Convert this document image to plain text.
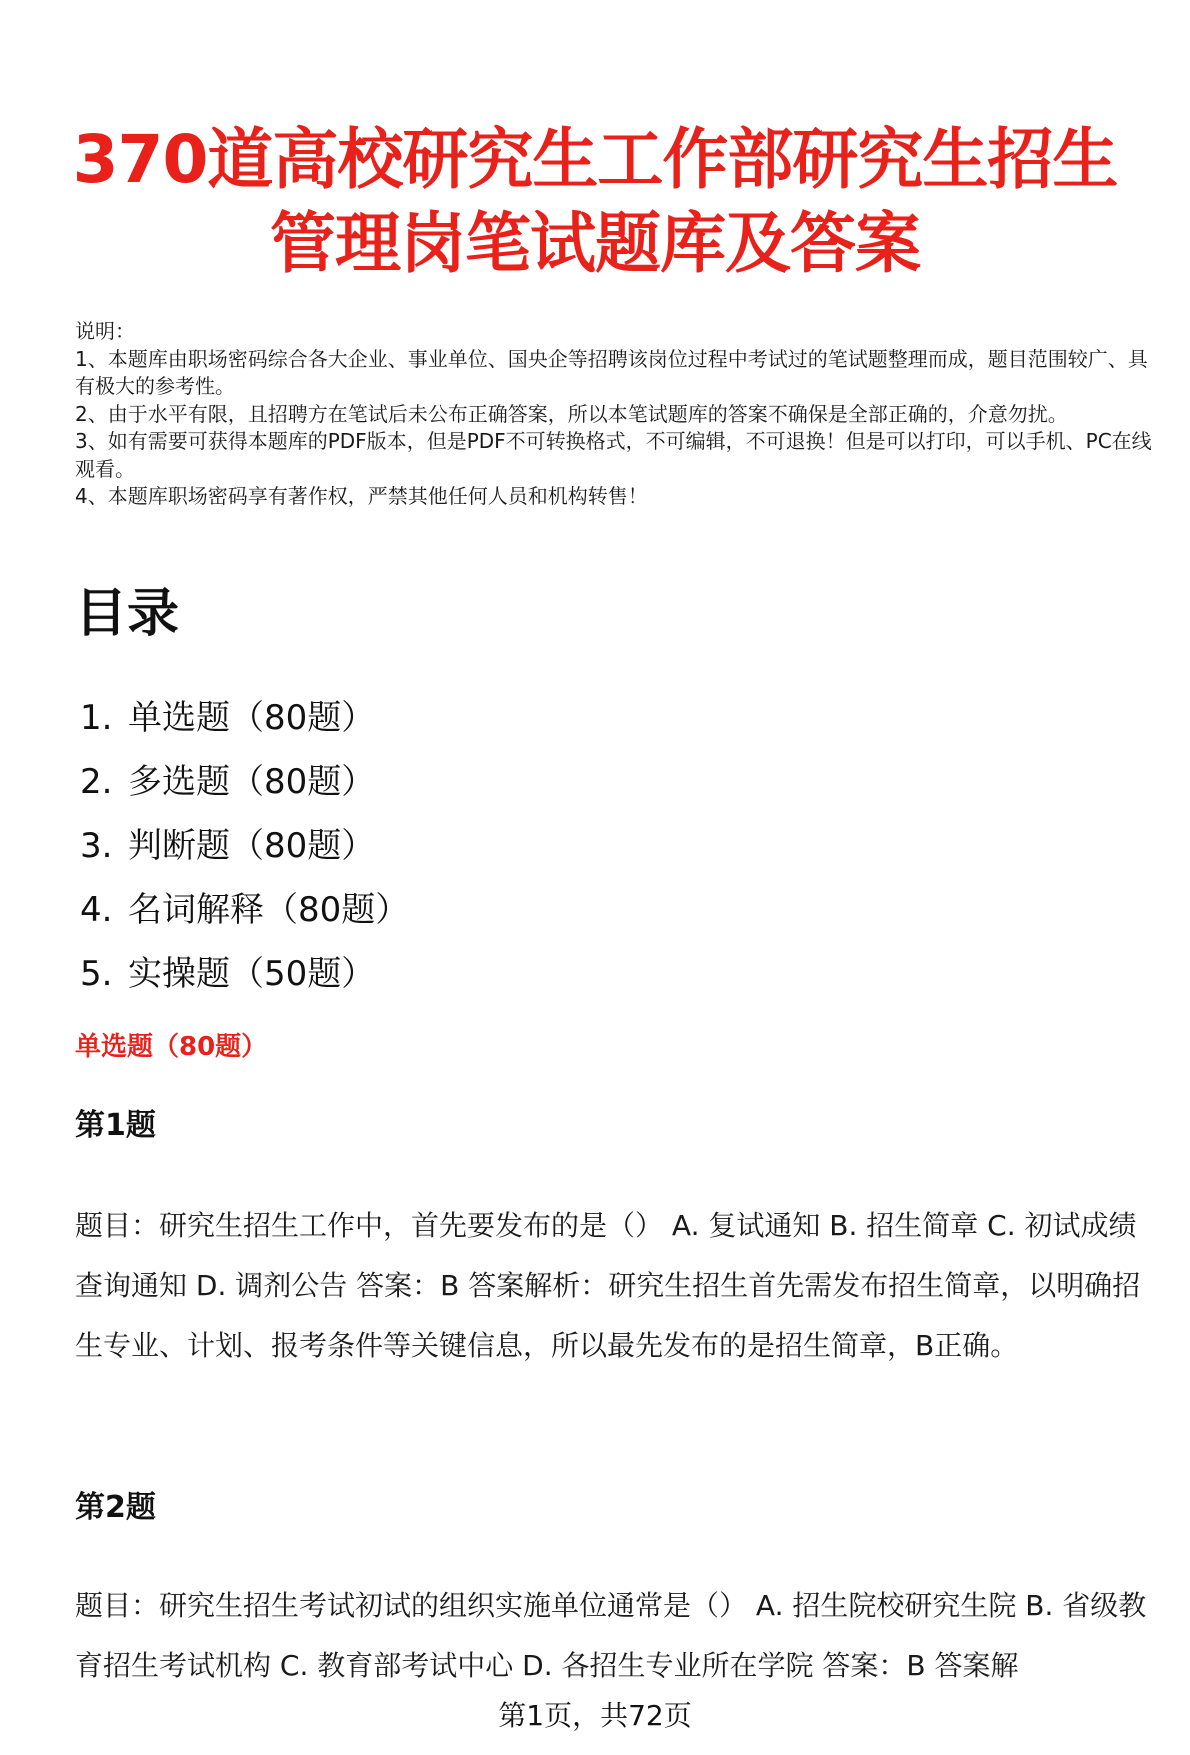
370道高校研究生工作部研究生招生
管理岗笔试题库及答案

说明：

1、本题库由职场密码综合各大企业、事业单位、国央企等招聘该岗位过程中考试过的笔试题整理而成，题目范围较广、具有极大的参考性。

2、由于水平有限，且招聘方在笔试后未公布正确答案，所以本笔试题库的答案不确保是全部正确的，介意勿扰。

3、如有需要可获得本题库的PDF版本，但是PDF不可转换格式，不可编辑，不可退换！但是可以打印，可以手机、PC在线观看。

4、本题库职场密码享有著作权，严禁其他任何人员和机构转售！

目录
1. 单选题（80题）
2. 多选题（80题）
3. 判断题（80题）
4. 名词解释（80题）
5. 实操题（50题）
单选题（80题）
第1题
题目：研究生招生工作中，首先要发布的是（） A. 复试通知 B. 招生简章 C. 初试成绩查询通知 D. 调剂公告 答案：B 答案解析：研究生招生首先需发布招生简章，以明确招生专业、计划、报考条件等关键信息，所以最先发布的是招生简章，B正确。
第2题
题目：研究生招生考试初试的组织实施单位通常是（） A. 招生院校研究生院 B. 省级教育招生考试机构 C. 教育部考试中心 D. 各招生专业所在学院 答案：B 答案解
第1页，共72页
